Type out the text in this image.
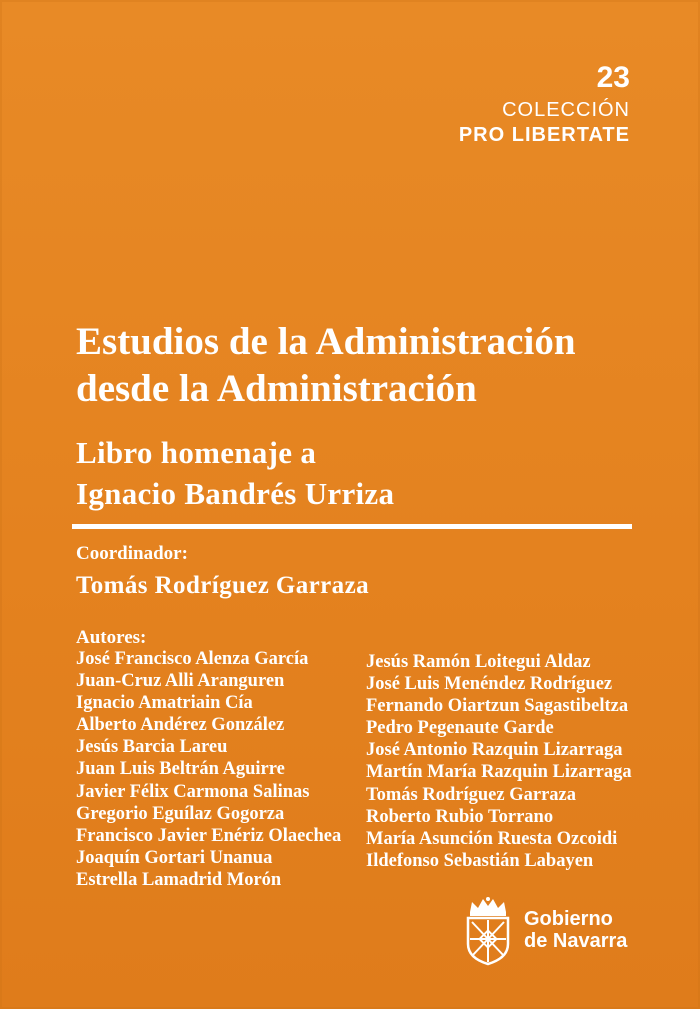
23
COLECCIÓN
PRO LIBERTATE
Estudios de la Administración
desde la Administración
Libro homenaje a
Ignacio Bandrés Urriza
Coordinador:
Tomás Rodríguez Garraza
Autores:
José Francisco Alenza García
Juan-Cruz Alli Aranguren
Ignacio Amatriain Cía
Alberto Andérez González
Jesús Barcia Lareu
Juan Luis Beltrán Aguirre
Javier Félix Carmona Salinas
Gregorio Eguílaz Gogorza
Francisco Javier Enériz Olaechea
Joaquín Gortari Unanua
Estrella Lamadrid Morón
Jesús Ramón Loitegui Aldaz
José Luis Menéndez Rodríguez
Fernando Oiartzun Sagastibeltza
Pedro Pegenaute Garde
José Antonio Razquin Lizarraga
Martín María Razquin Lizarraga
Tomás Rodríguez Garraza
Roberto Rubio Torrano
María Asunción Ruesta Ozcoidi
Ildefonso Sebastián Labayen
Gobierno
de Navarra
